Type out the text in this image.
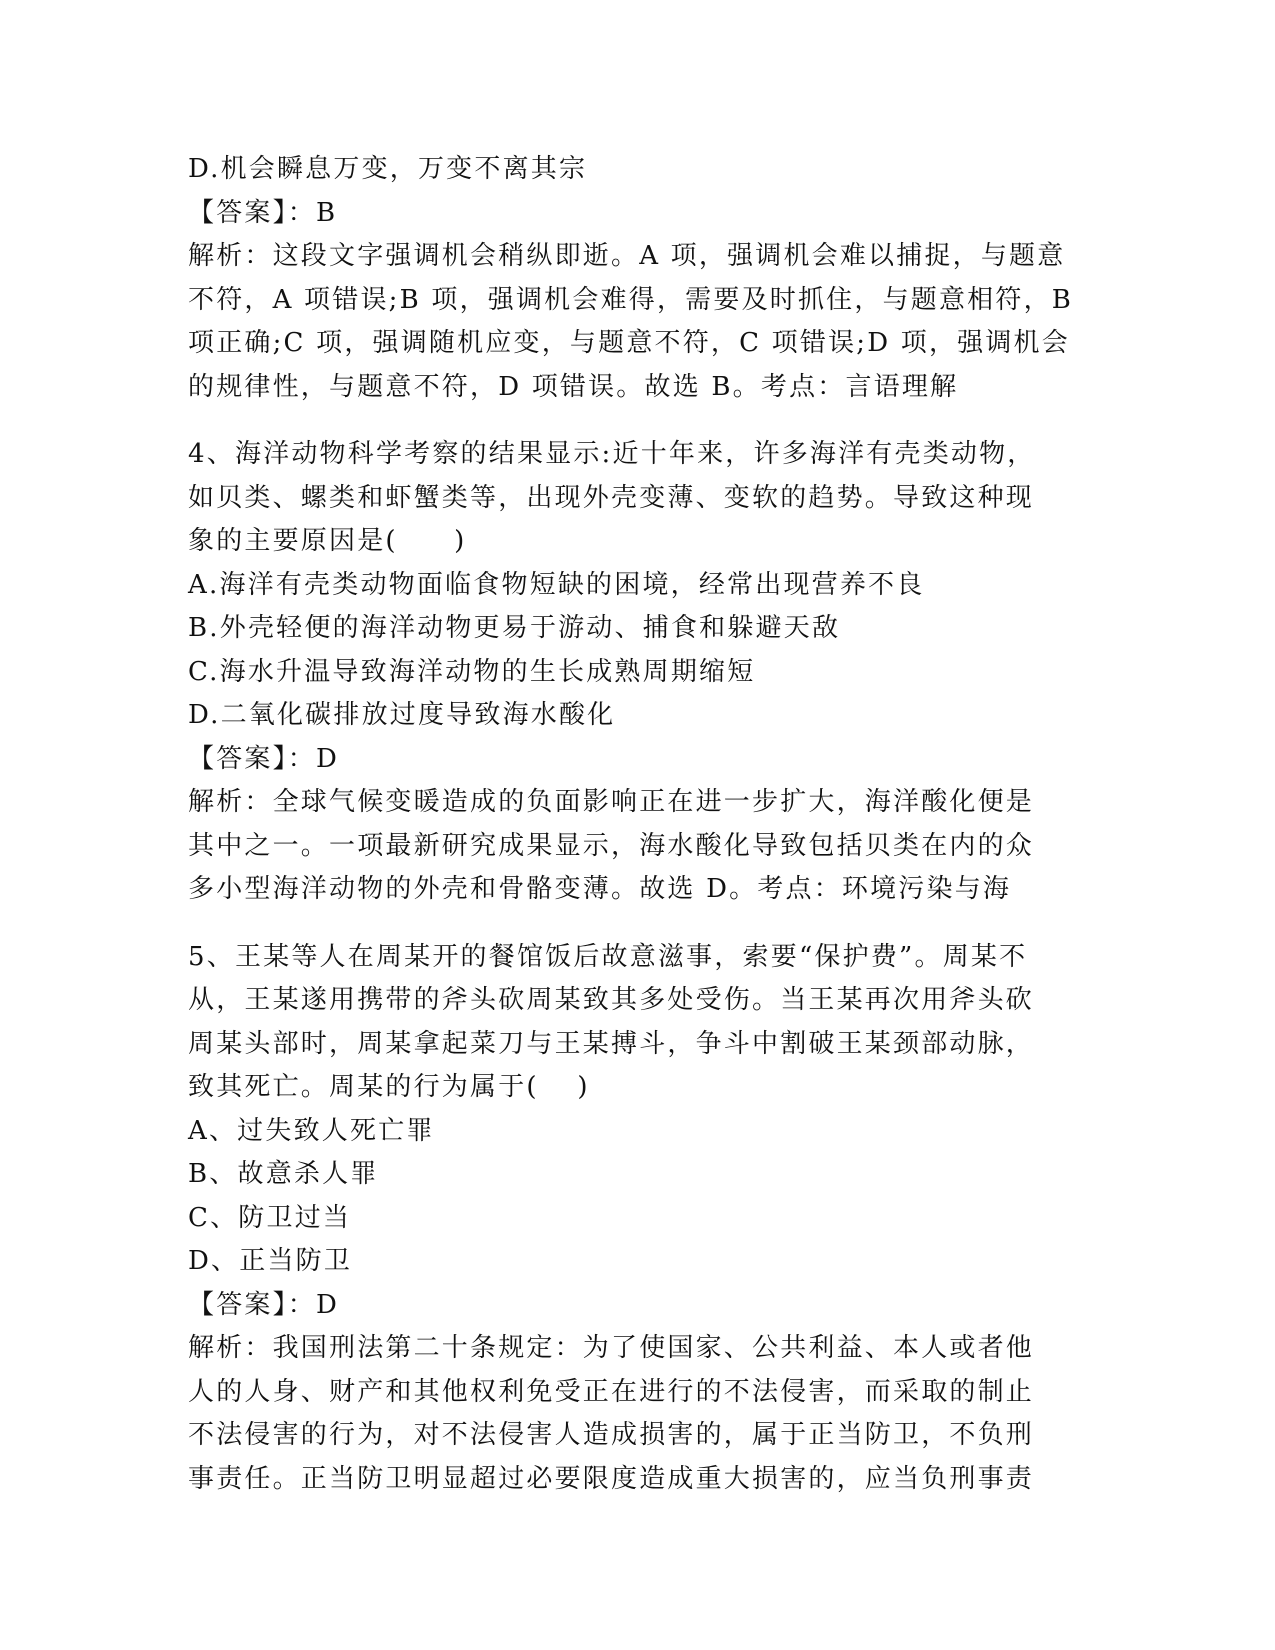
D.机会瞬息万变，万变不离其宗
【答案】：B
解析：这段文字强调机会稍纵即逝。A 项，强调机会难以捕捉，与题意
不符，A 项错误;B 项，强调机会难得，需要及时抓住，与题意相符，B
项正确;C 项，强调随机应变，与题意不符，C 项错误;D 项，强调机会
的规律性，与题意不符，D 项错误。故选 B。考点：言语理解
4、海洋动物科学考察的结果显示:近十年来，许多海洋有壳类动物，
如贝类、螺类和虾蟹类等，出现外壳变薄、变软的趋势。导致这种现
象的主要原因是(　　)
A.海洋有壳类动物面临食物短缺的困境，经常出现营养不良
B.外壳轻便的海洋动物更易于游动、捕食和躲避天敌
C.海水升温导致海洋动物的生长成熟周期缩短
D.二氧化碳排放过度导致海水酸化
【答案】：D
解析：全球气候变暖造成的负面影响正在进一步扩大，海洋酸化便是
其中之一。一项最新研究成果显示，海水酸化导致包括贝类在内的众
多小型海洋动物的外壳和骨骼变薄。故选 D。考点：环境污染与海
5、王某等人在周某开的餐馆饭后故意滋事，索要“保护费”。周某不
从，王某遂用携带的斧头砍周某致其多处受伤。当王某再次用斧头砍
周某头部时，周某拿起菜刀与王某搏斗，争斗中割破王某颈部动脉，
致其死亡。周某的行为属于(　 )
A、过失致人死亡罪
B、故意杀人罪
C、防卫过当
D、正当防卫
【答案】：D
解析：我国刑法第二十条规定：为了使国家、公共利益、本人或者他
人的人身、财产和其他权利免受正在进行的不法侵害，而采取的制止
不法侵害的行为，对不法侵害人造成损害的，属于正当防卫，不负刑
事责任。正当防卫明显超过必要限度造成重大损害的，应当负刑事责
